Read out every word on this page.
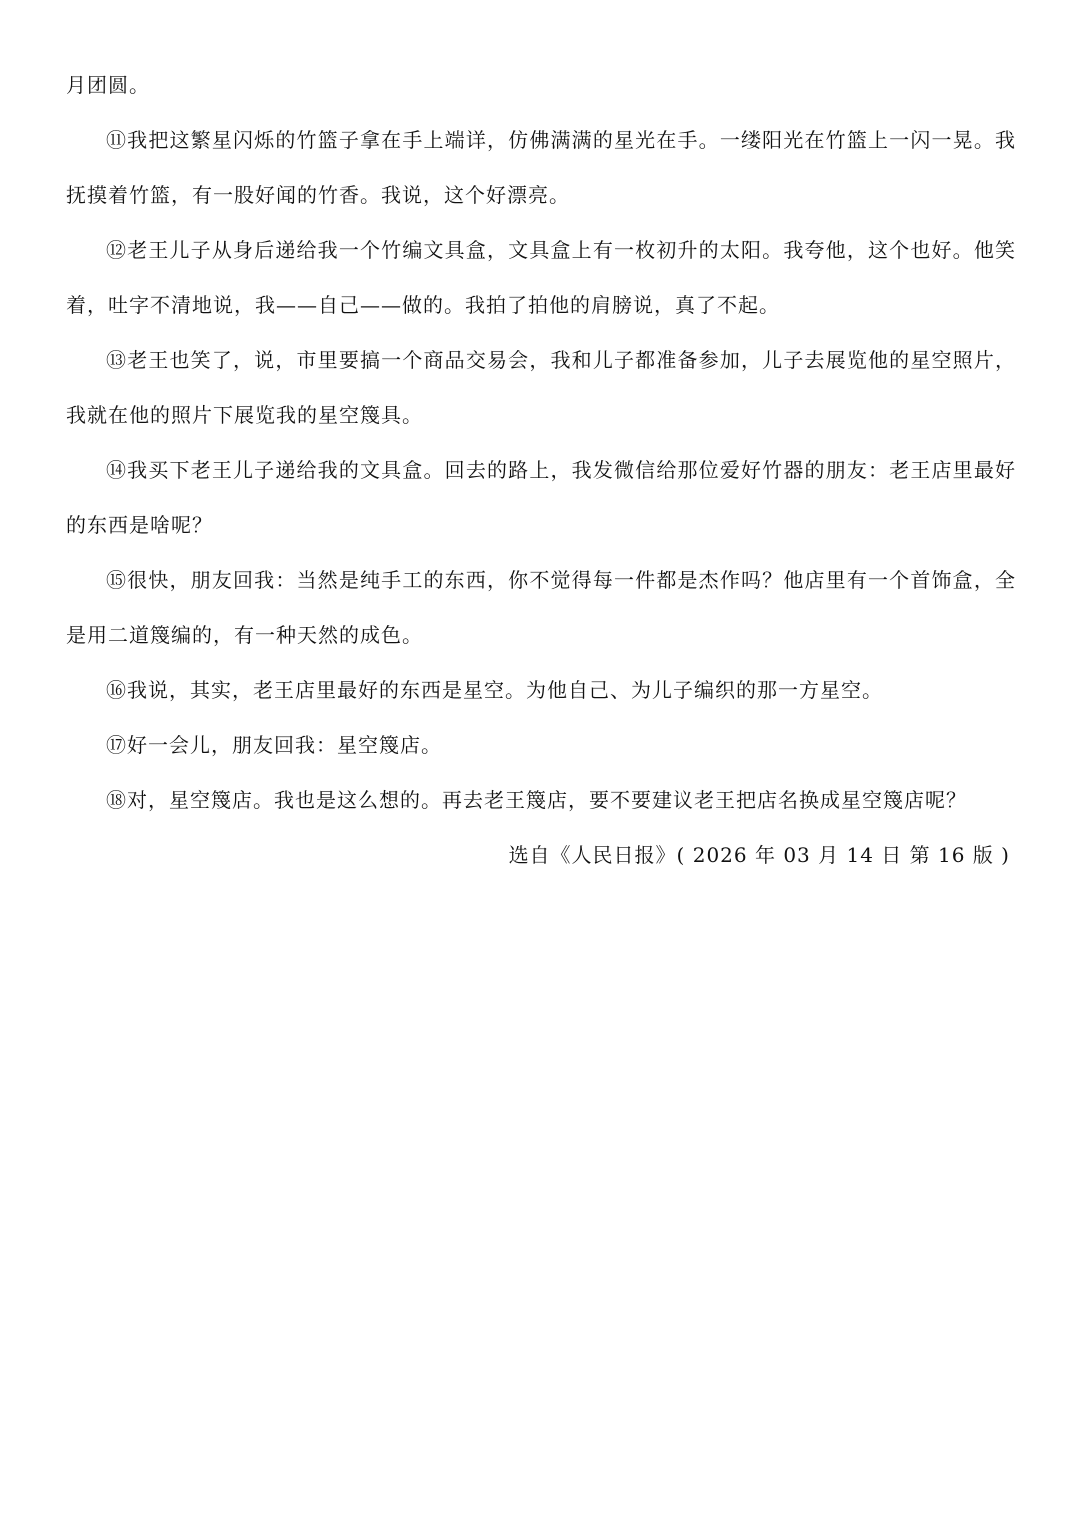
月团圆。

⑪我把这繁星闪烁的竹篮子拿在手上端详，仿佛满满的星光在手。一缕阳光在竹篮上一闪一晃。我抚摸着竹篮，有一股好闻的竹香。我说，这个好漂亮。

⑫老王儿子从身后递给我一个竹编文具盒，文具盒上有一枚初升的太阳。我夸他，这个也好。他笑着，吐字不清地说，我——自己——做的。我拍了拍他的肩膀说，真了不起。

⑬老王也笑了，说，市里要搞一个商品交易会，我和儿子都准备参加，儿子去展览他的星空照片，我就在他的照片下展览我的星空篾具。

⑭我买下老王儿子递给我的文具盒。回去的路上，我发微信给那位爱好竹器的朋友：老王店里最好的东西是啥呢？

⑮很快，朋友回我：当然是纯手工的东西，你不觉得每一件都是杰作吗？他店里有一个首饰盒，全是用二道篾编的，有一种天然的成色。

⑯我说，其实，老王店里最好的东西是星空。为他自己、为儿子编织的那一方星空。

⑰好一会儿，朋友回我：星空篾店。

⑱对，星空篾店。我也是这么想的。再去老王篾店，要不要建议老王把店名换成星空篾店呢？

选自《人民日报》( 2026 年 03 月 14 日 第 16 版 )
